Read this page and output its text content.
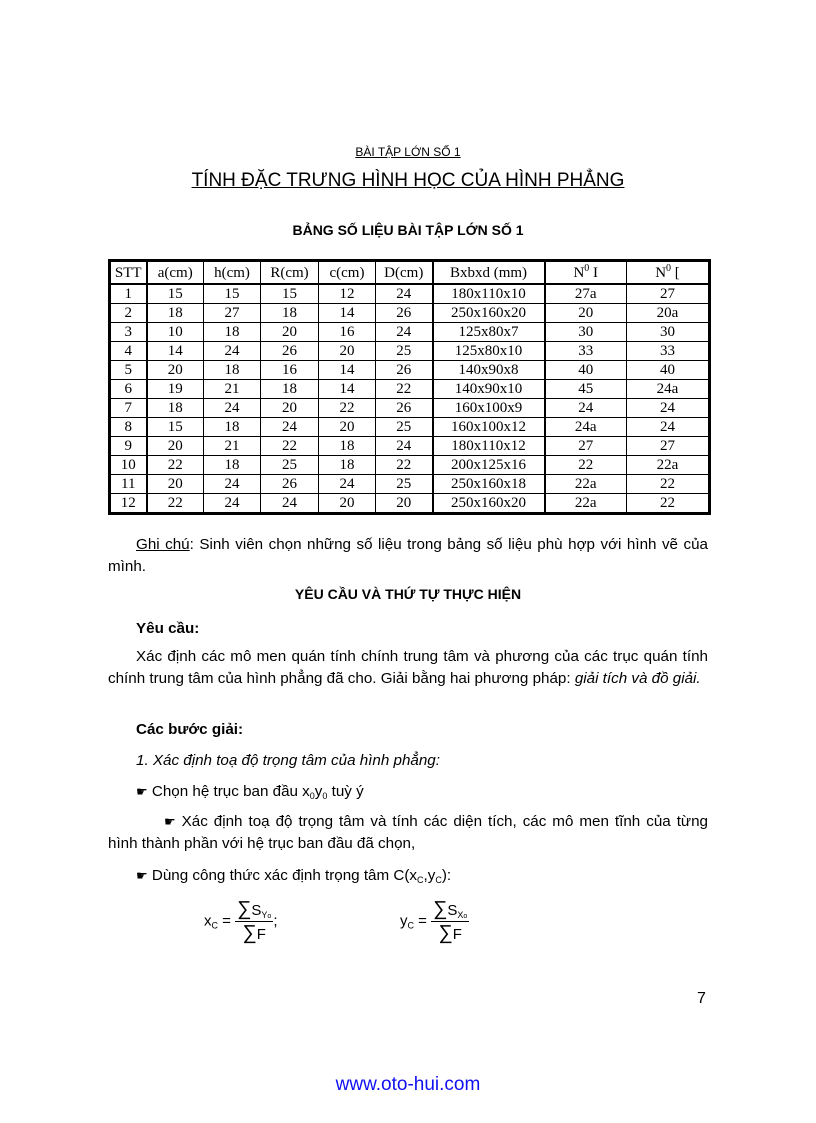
BÀI TẬP LỚN SỐ 1
TÍNH ĐẶC TRƯNG HÌNH HỌC CỦA HÌNH PHẲNG
BẢNG SỐ LIỆU BÀI TẬP LỚN SỐ 1
STT	a(cm)	h(cm)	R(cm)	c(cm)	D(cm)	Bxbxd (mm)	$N^0$ I	$N^0$ [
1	15	15	15	12	24	180x110x10	27a	27
2	18	27	18	14	26	250x160x20	20	20a
3	10	18	20	16	24	125x80x7	30	30
4	14	24	26	20	25	125x80x10	33	33
5	20	18	16	14	26	140x90x8	40	40
6	19	21	18	14	22	140x90x10	45	24a
7	18	24	20	22	26	160x100x9	24	24
8	15	18	24	20	25	160x100x12	24a	24
9	20	21	22	18	24	180x110x12	27	27
10	22	18	25	18	22	200x125x16	22	22a
11	20	24	26	24	25	250x160x18	22a	22
12	22	24	24	20	20	250x160x20	22a	22
Ghi chú: Sinh viên chọn những số liệu trong bảng số liệu phù hợp với hình vẽ của mình.
YÊU CẦU VÀ THỨ TỰ THỰC HIỆN
Yêu cầu:
Xác định các mô men quán tính chính trung tâm và phương của các trục quán tính chính trung tâm của hình phẳng đã cho. Giải bằng hai phương pháp: giải tích và đồ giải.
Các bước giải:
1. Xác định toạ độ trọng tâm của hình phẳng:
☛ Chọn hệ trục ban đầu $x_0y_0$ tuỳ ý
☛ Xác định toạ độ trọng tâm và tính các diện tích, các mô men tĩnh của từng hình thành phần với hệ trục ban đầu đã chọn,
☛ Dùng công thức xác định trọng tâm $C(x_C,y_C)$:
$x_C = \frac{\sum S_{Yo}}{\sum F}$ ;	$y_C = \frac{\sum S_{Xo}}{\sum F}$
7
www.oto-hui.com
